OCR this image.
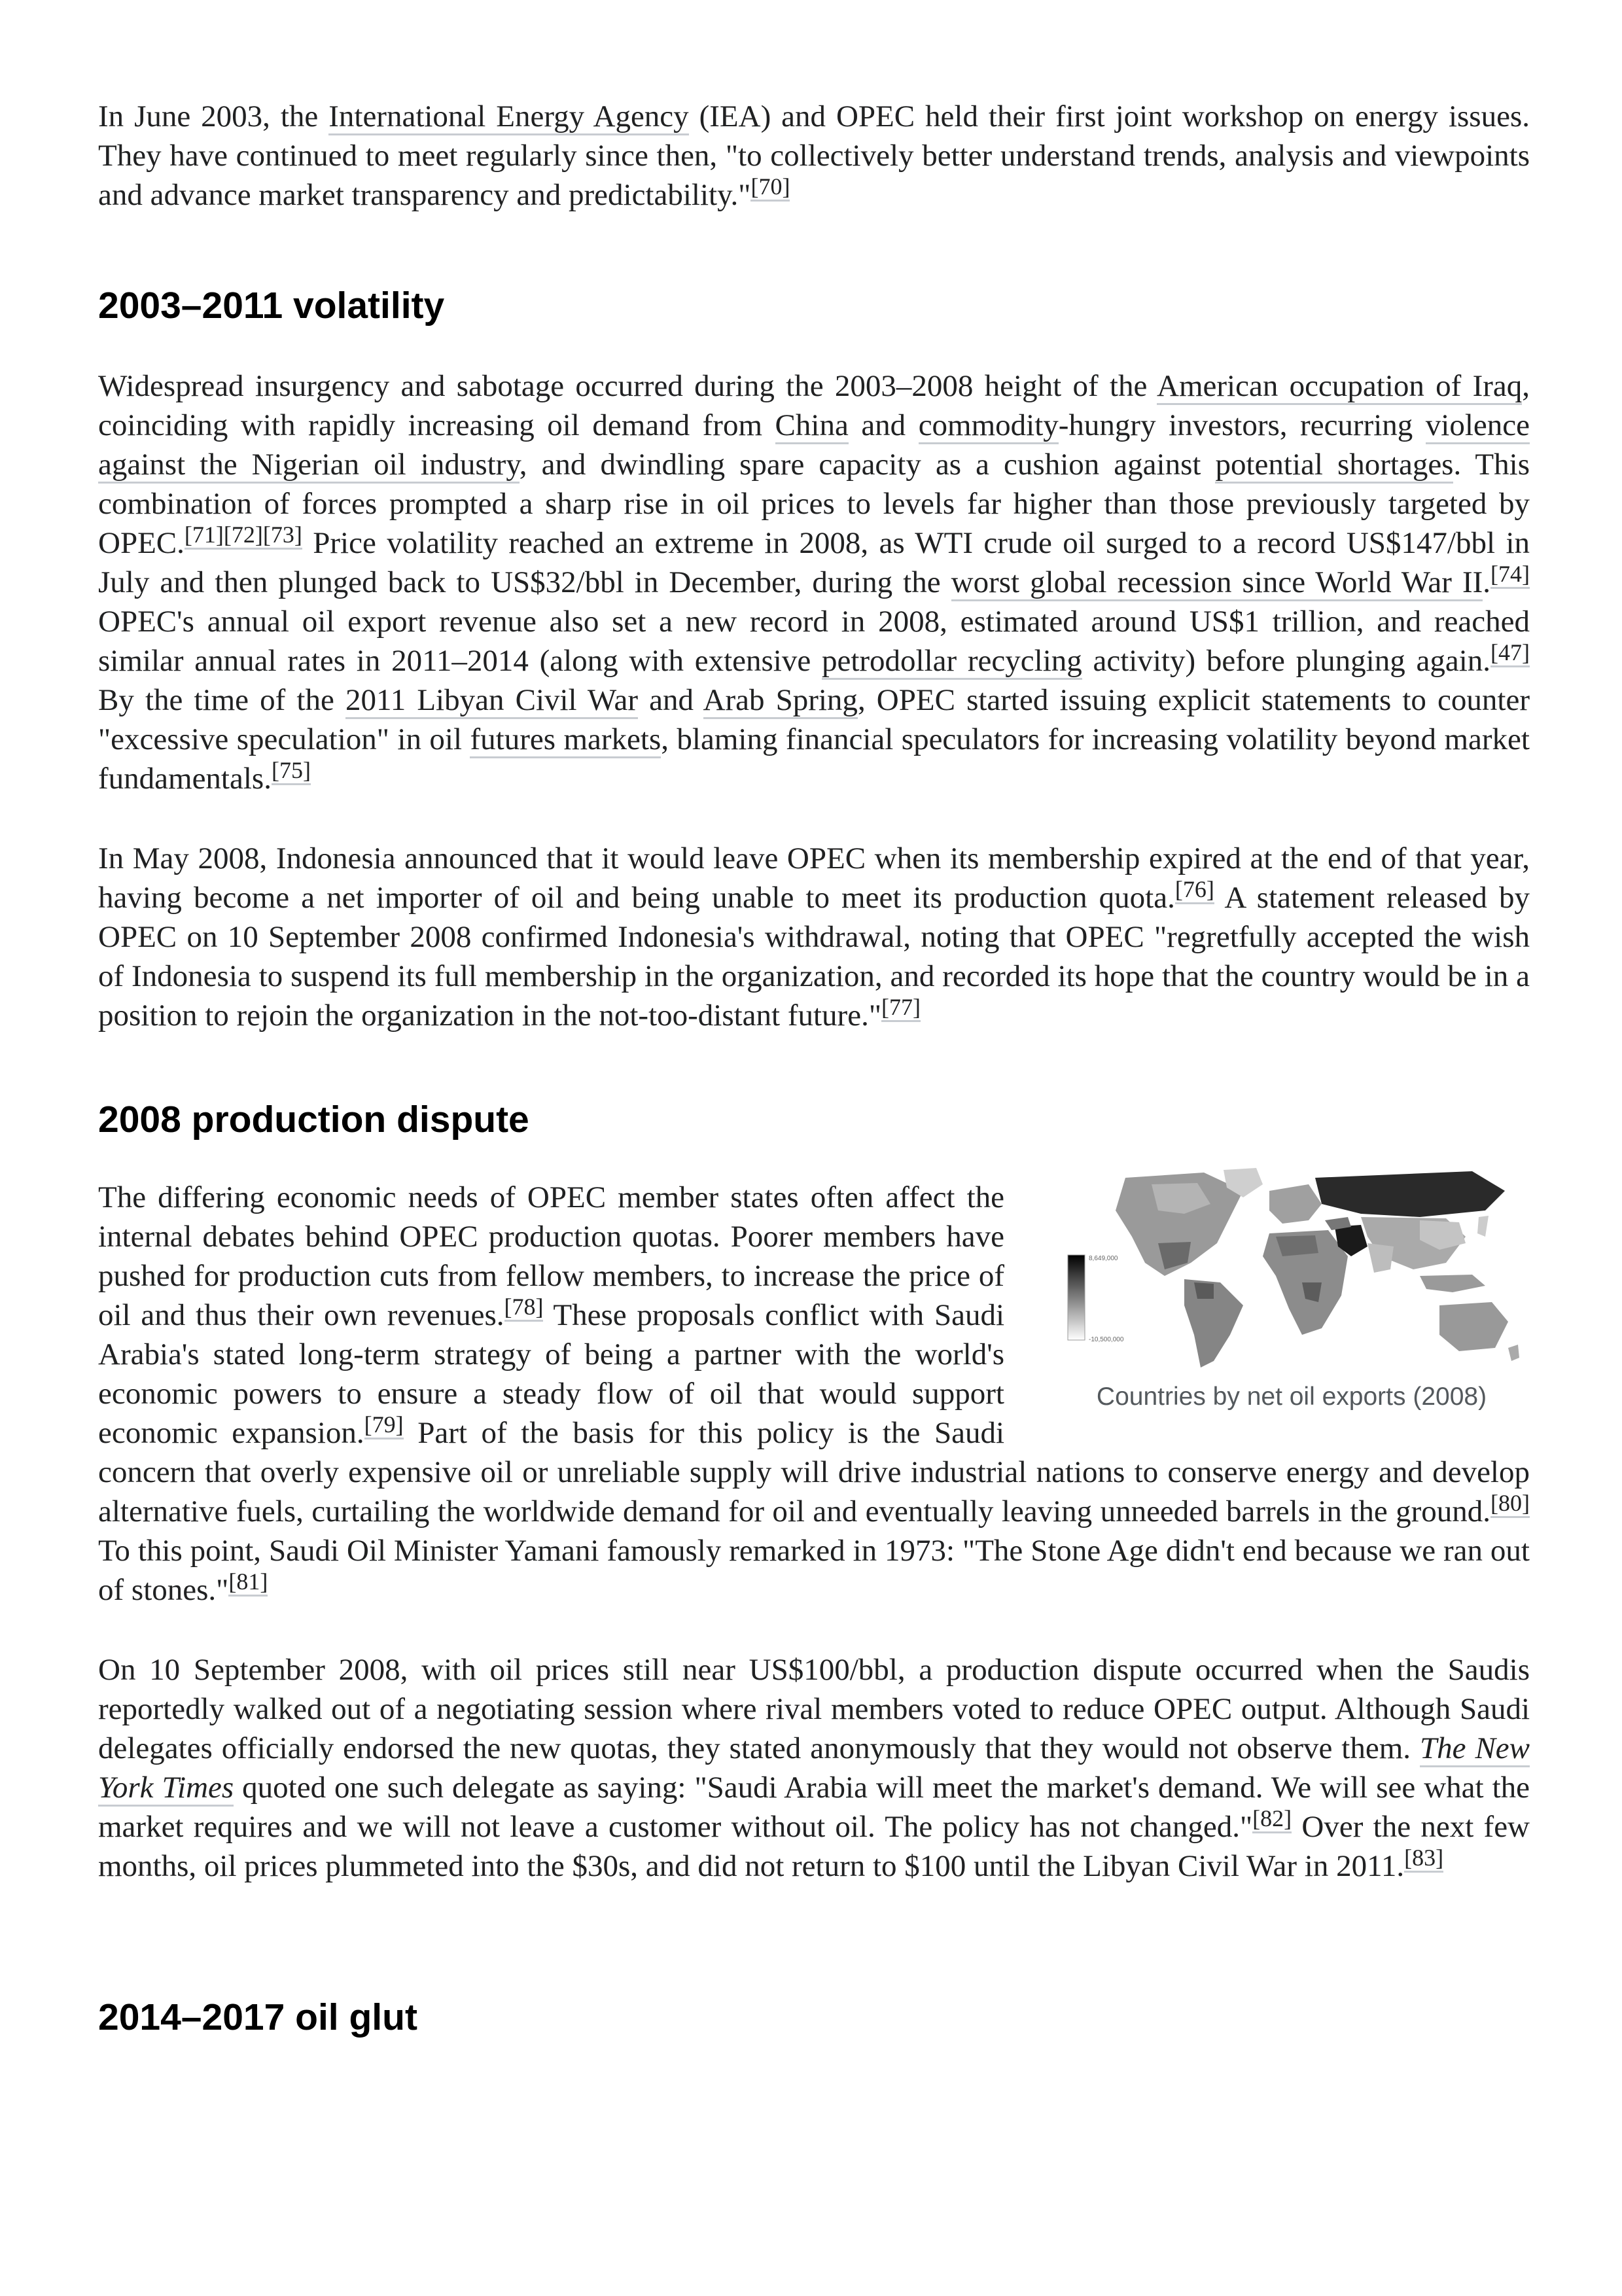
In June 2003, the International Energy Agency (IEA) and OPEC held their first joint workshop on energy issues. They have continued to meet regularly since then, "to collectively better understand trends, analysis and viewpoints and advance market transparency and predictability."[70]

2003–2011 volatility

Widespread insurgency and sabotage occurred during the 2003–2008 height of the American occupation of Iraq, coinciding with rapidly increasing oil demand from China and commodity-hungry investors, recurring violence against the Nigerian oil industry, and dwindling spare capacity as a cushion against potential shortages. This combination of forces prompted a sharp rise in oil prices to levels far higher than those previously targeted by OPEC.[71][72][73] Price volatility reached an extreme in 2008, as WTI crude oil surged to a record US$147/bbl in July and then plunged back to US$32/bbl in December, during the worst global recession since World War II.[74] OPEC's annual oil export revenue also set a new record in 2008, estimated around US$1 trillion, and reached similar annual rates in 2011–2014 (along with extensive petrodollar recycling activity) before plunging again.[47] By the time of the 2011 Libyan Civil War and Arab Spring, OPEC started issuing explicit statements to counter "excessive speculation" in oil futures markets, blaming financial speculators for increasing volatility beyond market fundamentals.[75]

In May 2008, Indonesia announced that it would leave OPEC when its membership expired at the end of that year, having become a net importer of oil and being unable to meet its production quota.[76] A statement released by OPEC on 10 September 2008 confirmed Indonesia's withdrawal, noting that OPEC "regretfully accepted the wish of Indonesia to suspend its full membership in the organization, and recorded its hope that the country would be in a position to rejoin the organization in the not-too-distant future."[77]

2008 production dispute
8,649,000
-10,500,000
Countries by net oil exports (2008)

The differing economic needs of OPEC member states often affect the internal debates behind OPEC production quotas. Poorer members have pushed for production cuts from fellow members, to increase the price of oil and thus their own revenues.[78] These proposals conflict with Saudi Arabia's stated long-term strategy of being a partner with the world's economic powers to ensure a steady flow of oil that would support economic expansion.[79] Part of the basis for this policy is the Saudi concern that overly expensive oil or unreliable supply will drive industrial nations to conserve energy and develop alternative fuels, curtailing the worldwide demand for oil and eventually leaving unneeded barrels in the ground.[80] To this point, Saudi Oil Minister Yamani famously remarked in 1973: "The Stone Age didn't end because we ran out of stones."[81]

On 10 September 2008, with oil prices still near US$100/bbl, a production dispute occurred when the Saudis reportedly walked out of a negotiating session where rival members voted to reduce OPEC output. Although Saudi delegates officially endorsed the new quotas, they stated anonymously that they would not observe them. The New York Times quoted one such delegate as saying: "Saudi Arabia will meet the market's demand. We will see what the market requires and we will not leave a customer without oil. The policy has not changed."[82] Over the next few months, oil prices plummeted into the $30s, and did not return to $100 until the Libyan Civil War in 2011.[83]

2014–2017 oil glut
